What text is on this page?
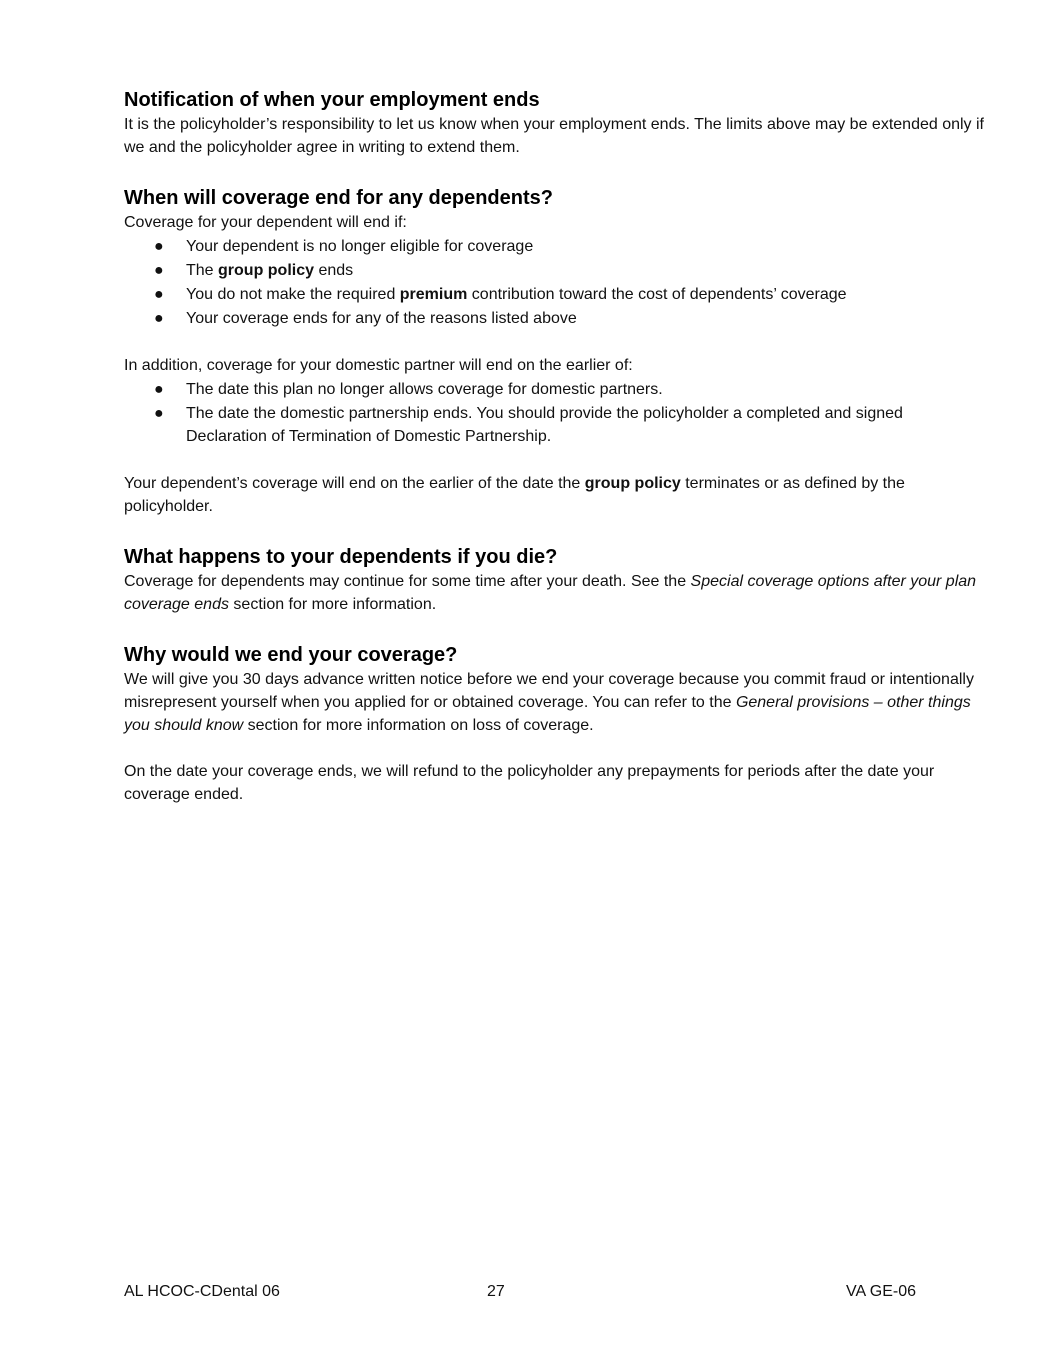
Notification of when your employment ends

It is the policyholder’s responsibility to let us know when your employment ends. The limits above may be extended only if we and the policyholder agree in writing to extend them.

When will coverage end for any dependents?

Coverage for your dependent will end if:

● Your dependent is no longer eligible for coverage
● The group policy ends
● You do not make the required premium contribution toward the cost of dependents’ coverage
● Your coverage ends for any of the reasons listed above

In addition, coverage for your domestic partner will end on the earlier of:

● The date this plan no longer allows coverage for domestic partners.
● The date the domestic partnership ends. You should provide the policyholder a completed and signed Declaration of Termination of Domestic Partnership.

Your dependent’s coverage will end on the earlier of the date the group policy terminates or as defined by the policyholder.

What happens to your dependents if you die?

Coverage for dependents may continue for some time after your death. See the Special coverage options after your plan coverage ends section for more information.

Why would we end your coverage?

We will give you 30 days advance written notice before we end your coverage because you commit fraud or intentionally misrepresent yourself when you applied for or obtained coverage. You can refer to the General provisions – other things you should know section for more information on loss of coverage.

On the date your coverage ends, we will refund to the policyholder any prepayments for periods after the date your coverage ended.

AL HCOC-CDental 06	27	VA GE-06
